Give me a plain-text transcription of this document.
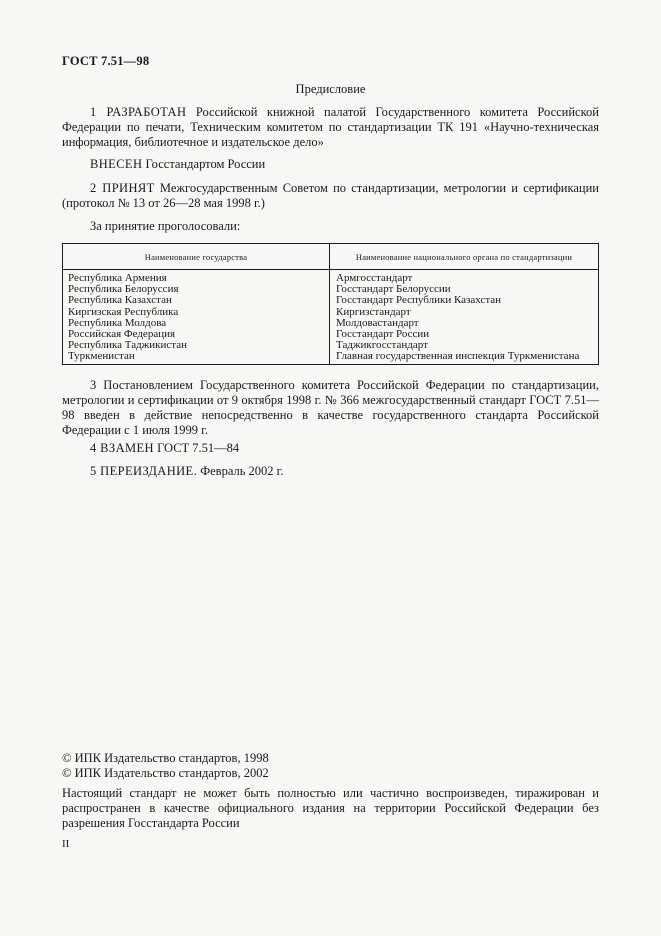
ГОСТ 7.51—98
Предисловие
1 РАЗРАБОТАН Российской книжной палатой Государственного комитета Российской Федерации по печати, Техническим комитетом по стандартизации ТК 191 «Научно-техническая информация, библиотечное и издательское дело»
ВНЕСЕН Госстандартом России
2 ПРИНЯТ Межгосударственным Советом по стандартизации, метрологии и сертификации (протокол № 13 от 26—28 мая 1998 г.)
За принятие проголосовали:
Наименование государства	Наименование национального органа по стандартизации
Республика Армения
Республика Белоруссия
Республика Казахстан
Киргизская Республика
Республика Молдова
Российская Федерация
Республика Таджикистан
Туркменистан
Армгосстандарт
Госстандарт Белоруссии
Госстандарт Республики Казахстан
Киргизстандарт
Молдовастандарт
Госстандарт России
Таджикгосстандарт
Главная государственная инспекция Туркменистана
3 Постановлением Государственного комитета Российской Федерации по стандартизации, метрологии и сертификации от 9 октября 1998 г. № 366 межгосударственный стандарт ГОСТ 7.51—98 введен в действие непосредственно в качестве государственного стандарта Российской Федерации с 1 июля 1999 г.
4 ВЗАМЕН ГОСТ 7.51—84
5 ПЕРЕИЗДАНИЕ. Февраль 2002 г.
© ИПК Издательство стандартов, 1998
© ИПК Издательство стандартов, 2002
Настоящий стандарт не может быть полностью или частично воспроизведен, тиражирован и распространен в качестве официального издания на территории Российской Федерации без разрешения Госстандарта России
II
